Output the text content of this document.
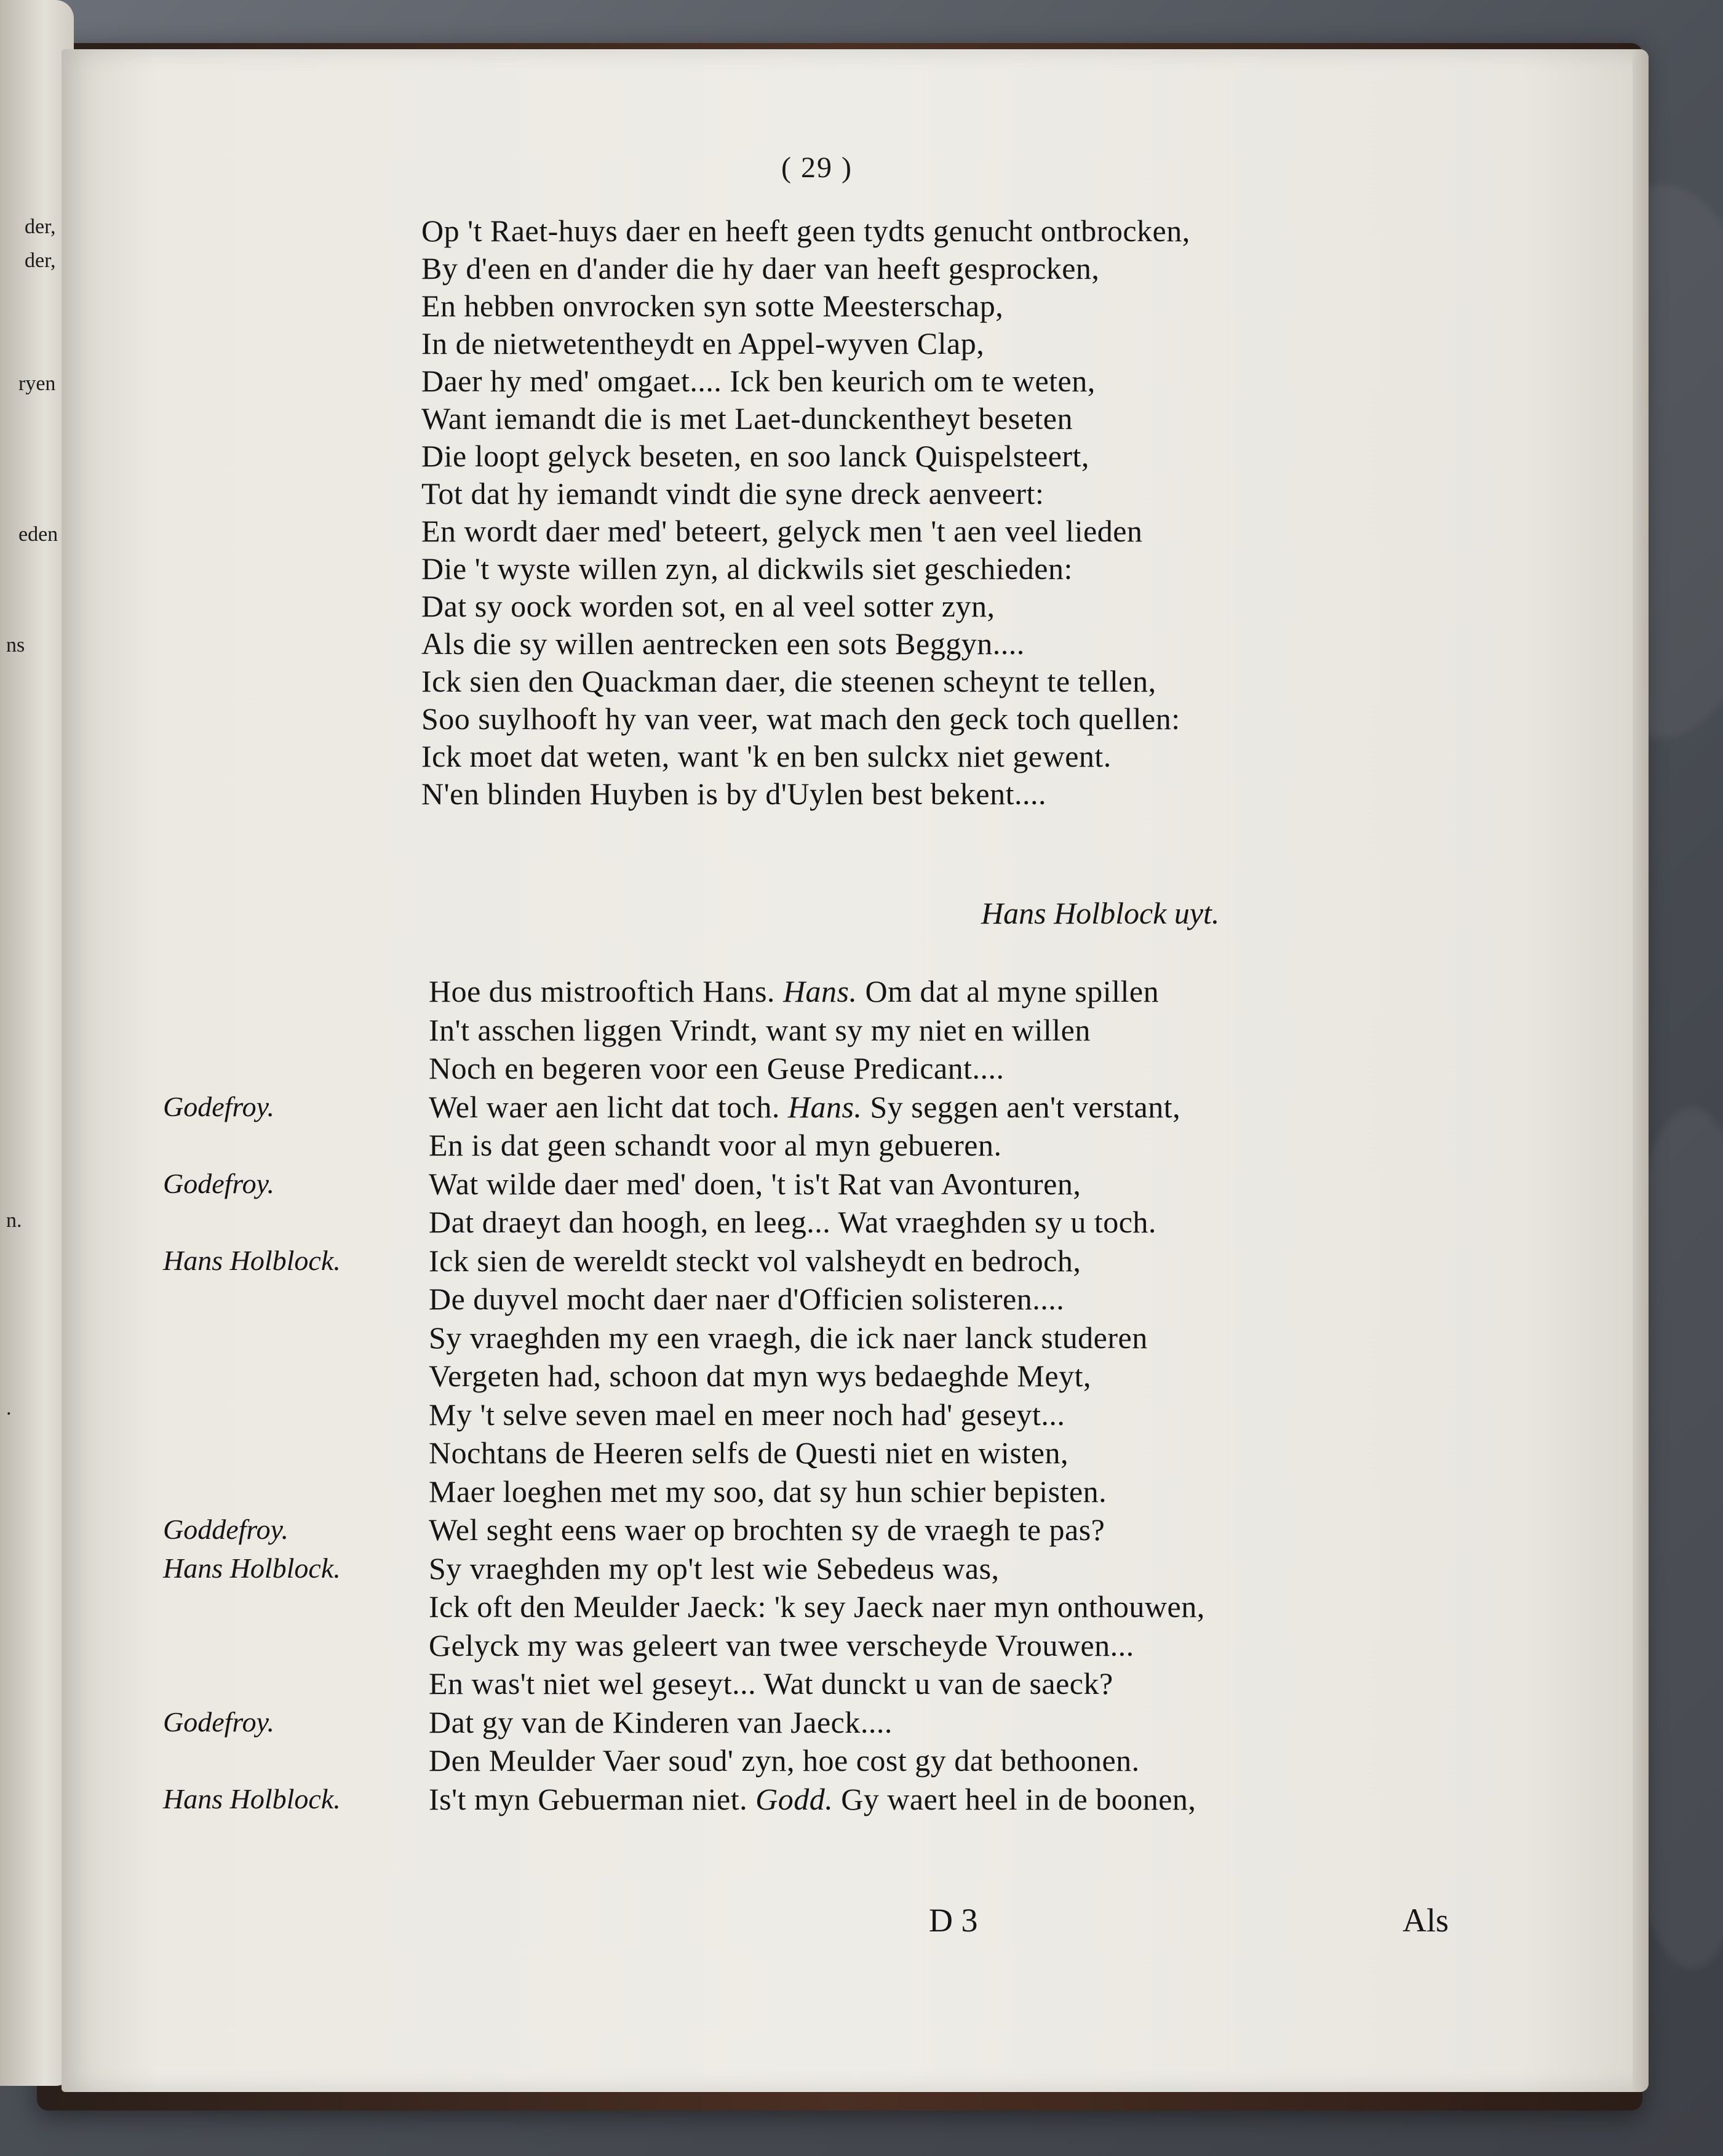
der,
der,
ryen
eden
ns
n.
.
( 29 )
Op 't Raet-huys daer en heeft geen tydts genucht ontbrocken,
By d'een en d'ander die hy daer van heeft gesprocken,
En hebben onvrocken syn sotte Meesterschap,
In de nietwetentheydt en Appel-wyven Clap,
Daer hy med' omgaet.... Ick ben keurich om te weten,
Want iemandt die is met Laet-dunckentheyt beseten
Die loopt gelyck beseten, en soo lanck Quispelsteert,
Tot dat hy iemandt vindt die syne dreck aenveert:
En wordt daer med' beteert, gelyck men 't aen veel lieden
Die 't wyste willen zyn, al dickwils siet geschieden:
Dat sy oock worden sot, en al veel sotter zyn,
Als die sy willen aentrecken een sots Beggyn....
Ick sien den Quackman daer, die steenen scheynt te tellen,
Soo suylhooft hy van veer, wat mach den geck toch quellen:
Ick moet dat weten, want 'k en ben sulckx niet gewent.
N'en blinden Huyben is by d'Uylen best bekent....
Hans Holblock uyt.
Hoe dus mistrooftich Hans. Hans. Om dat al myne spillen
In't asschen liggen Vrindt, want sy my niet en willen
Noch en begeren voor een Geuse Predicant....
Godefroy.	Wel waer aen licht dat toch. Hans. Sy seggen aen't verstant,
En is dat geen schandt voor al myn gebueren.
Godefroy.	Wat wilde daer med' doen, 't is't Rat van Avonturen,
Dat draeyt dan hoogh, en leeg... Wat vraeghden sy u toch.
Hans Holblock.	Ick sien de wereldt steckt vol valsheydt en bedroch,
De duyvel mocht daer naer d'Officien solisteren....
Sy vraeghden my een vraegh, die ick naer lanck studeren
Vergeten had, schoon dat myn wys bedaeghde Meyt,
My 't selve seven mael en meer noch had' geseyt...
Nochtans de Heeren selfs de Questi niet en wisten,
Maer loeghen met my soo, dat sy hun schier bepisten.
Goddefroy.	Wel seght eens waer op brochten sy de vraegh te pas?
Hans Holblock.	Sy vraeghden my op't lest wie Sebedeus was,
Ick oft den Meulder Jaeck: 'k sey Jaeck naer myn onthouwen,
Gelyck my was geleert van twee verscheyde Vrouwen...
En was't niet wel geseyt... Wat dunckt u van de saeck?
Godefroy.	Dat gy van de Kinderen van Jaeck....
Den Meulder Vaer soud' zyn, hoe cost gy dat bethoonen.
Hans Holblock.	Is't myn Gebuerman niet. Godd. Gy waert heel in de boonen,
D 3	Als
